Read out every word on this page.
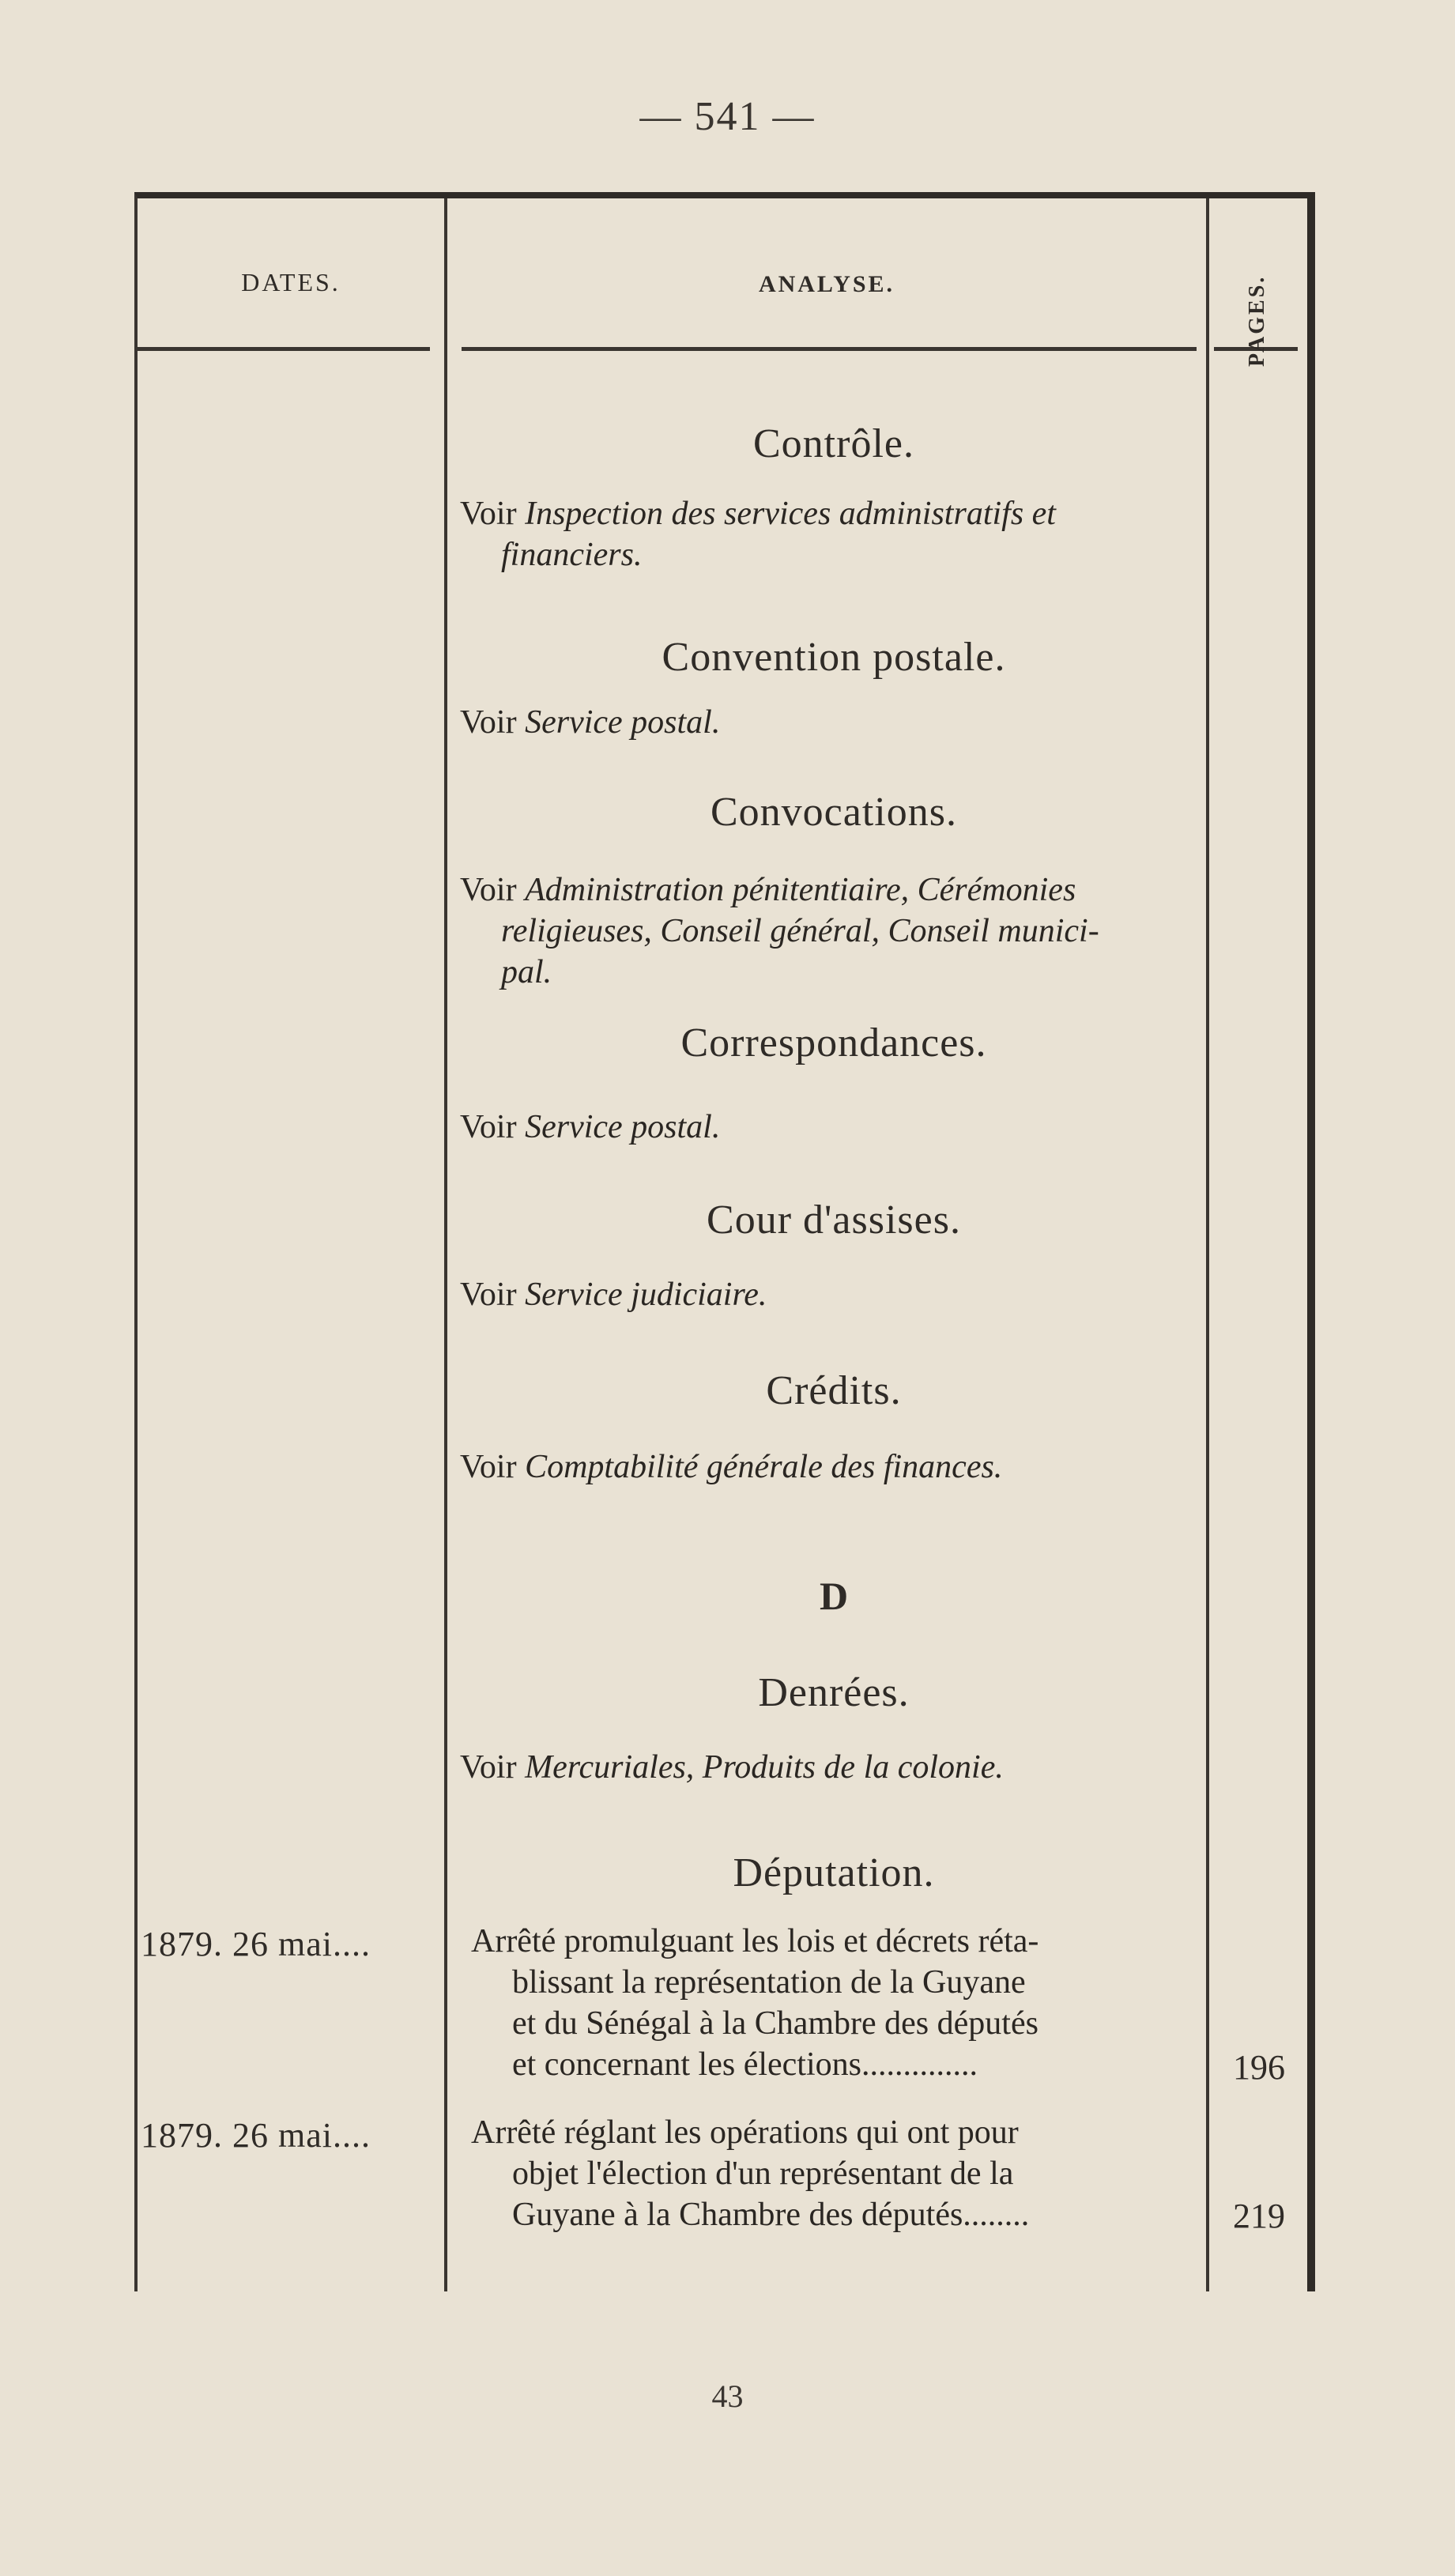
— 541 —
DATES.	ANALYSE.	PAGES.
Contrôle.
Voir Inspection des services administratifs et
financiers.
Convention postale.
Voir Service postal.
Convocations.
Voir Administration pénitentiaire, Cérémonies
religieuses, Conseil général, Conseil munici-
pal.
Correspondances.
Voir Service postal.
Cour d'assises.
Voir Service judiciaire.
Crédits.
Voir Comptabilité générale des finances.
D
Denrées.
Voir Mercuriales, Produits de la colonie.
Députation.
1879. 26 mai....	Arrêté promulguant les lois et décrets réta-
blissant la représentation de la Guyane
et du Sénégal à la Chambre des députés
et concernant les élections..............	196
1879. 26 mai....	Arrêté réglant les opérations qui ont pour
objet l'élection d'un représentant de la
Guyane à la Chambre des députés........	219
43
